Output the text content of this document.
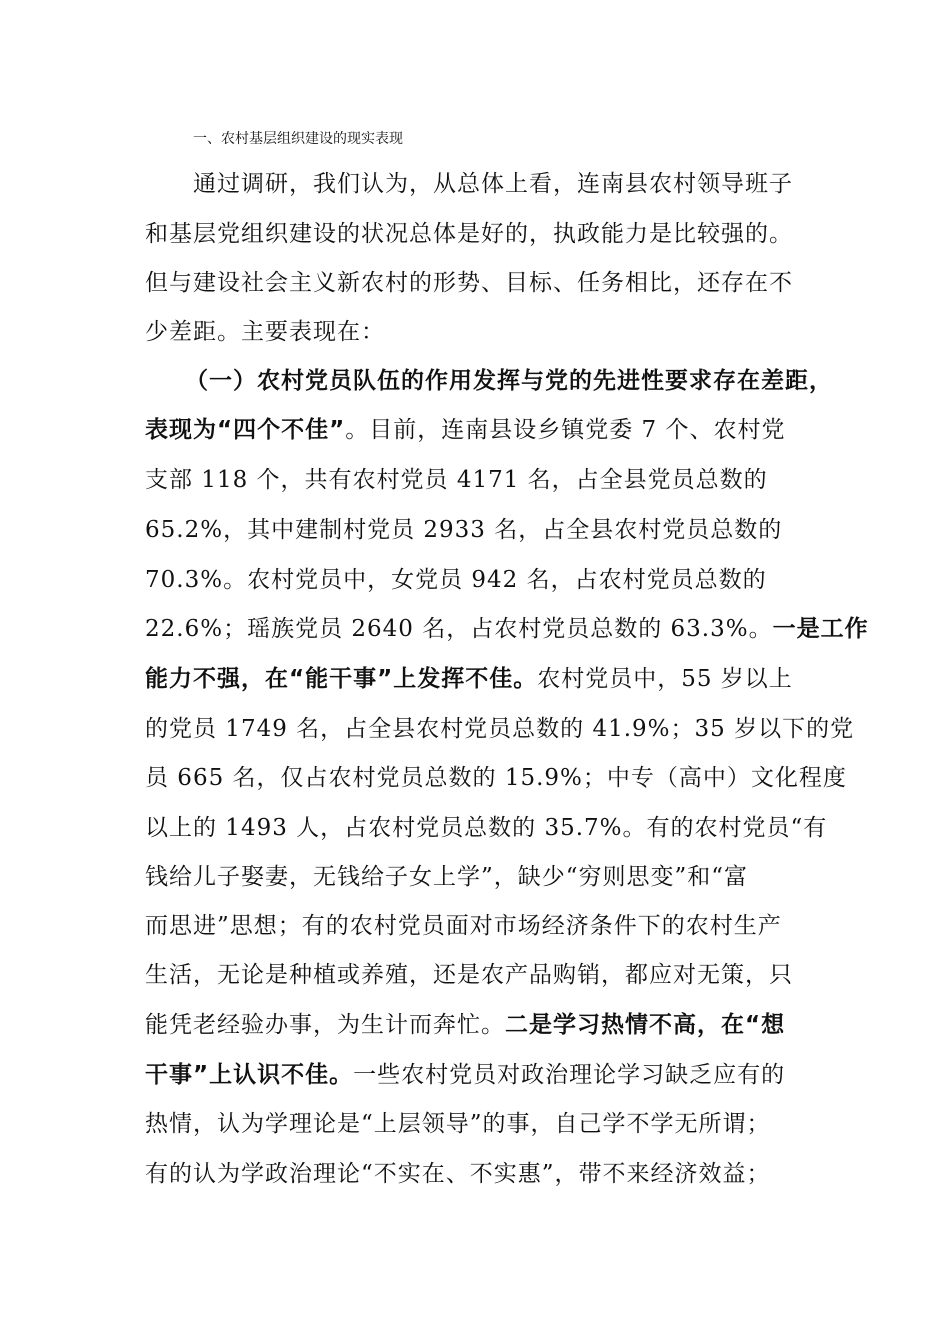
一、农村基层组织建设的现实表现
通过调研，我们认为，从总体上看，连南县农村领导班子
和基层党组织建设的状况总体是好的，执政能力是比较强的。
但与建设社会主义新农村的形势、目标、任务相比，还存在不
少差距。主要表现在：
（一）农村党员队伍的作用发挥与党的先进性要求存在差距，
表现为“四个不佳”。目前，连南县设乡镇党委 7 个、农村党
支部 118 个，共有农村党员 4171 名，占全县党员总数的
65.2%，其中建制村党员 2933 名，占全县农村党员总数的
70.3%。农村党员中，女党员 942 名，占农村党员总数的
22.6%；瑶族党员 2640 名，占农村党员总数的 63.3%。一是工作
能力不强，在“能干事”上发挥不佳。农村党员中，55 岁以上
的党员 1749 名，占全县农村党员总数的 41.9%；35 岁以下的党
员 665 名，仅占农村党员总数的 15.9%；中专（高中）文化程度
以上的 1493 人，占农村党员总数的 35.7%。有的农村党员“有
钱给儿子娶妻，无钱给子女上学”，缺少“穷则思变”和“富
而思进”思想；有的农村党员面对市场经济条件下的农村生产
生活，无论是种植或养殖，还是农产品购销，都应对无策，只
能凭老经验办事，为生计而奔忙。二是学习热情不高，在“想
干事”上认识不佳。一些农村党员对政治理论学习缺乏应有的
热情，认为学理论是“上层领导”的事，自己学不学无所谓；
有的认为学政治理论“不实在、不实惠”，带不来经济效益；
